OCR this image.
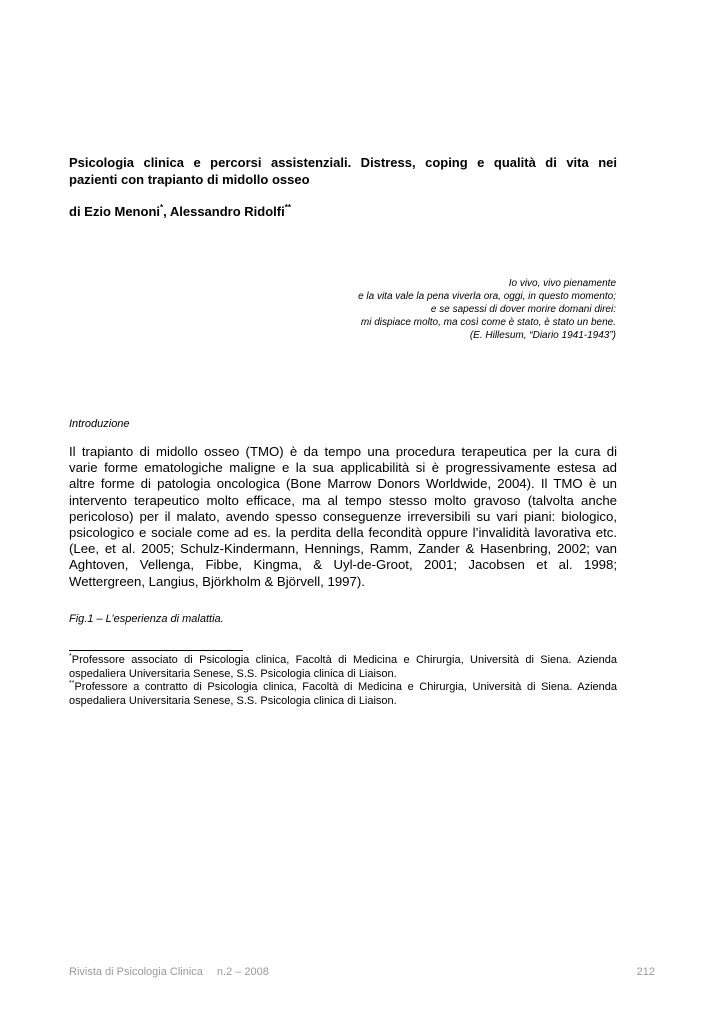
Psicologia clinica e percorsi assistenziali. Distress, coping e qualità di vita nei
pazienti con trapianto di midollo osseo
di Ezio Menoni*, Alessandro Ridolfi**
Io vivo, vivo pienamente
e la vita vale la pena viverla ora, oggi, in questo momento;
e se sapessi di dover morire domani direi:
mi dispiace molto, ma così come è stato, è stato un bene.
(E. Hillesum, “Diario 1941-1943”)
Introduzione
Il trapianto di midollo osseo (TMO) è da tempo una procedura terapeutica per la cura di
varie forme ematologiche maligne e la sua applicabilità si è progressivamente estesa ad
altre forme di patologia oncologica (Bone Marrow Donors Worldwide, 2004). Il TMO è un
intervento terapeutico molto efficace, ma al tempo stesso molto gravoso (talvolta anche
pericoloso) per il malato, avendo spesso conseguenze irreversibili su vari piani: biologico,
psicologico e sociale come ad es. la perdita della fecondità oppure l’invalidità lavorativa etc.
(Lee, et al. 2005; Schulz-Kindermann, Hennings, Ramm, Zander & Hasenbring, 2002; van
Aghtoven, Vellenga, Fibbe, Kingma, & Uyl-de-Groot, 2001; Jacobsen et al. 1998;
Wettergreen, Langius, Björkholm & Björvell, 1997).
Fig.1 – L’esperienza di malattia.
*Professore associato di Psicologia clinica, Facoltà di Medicina e Chirurgia, Università di Siena. Azienda
ospedaliera Universitaria Senese, S.S. Psicologia clinica di Liaison.
**Professore a contratto di Psicologia clinica, Facoltà di Medicina e Chirurgia, Università di Siena. Azienda
ospedaliera Universitaria Senese, S.S. Psicologia clinica di Liaison.
Rivista di Psicologia Clinica n.2 – 2008	212
